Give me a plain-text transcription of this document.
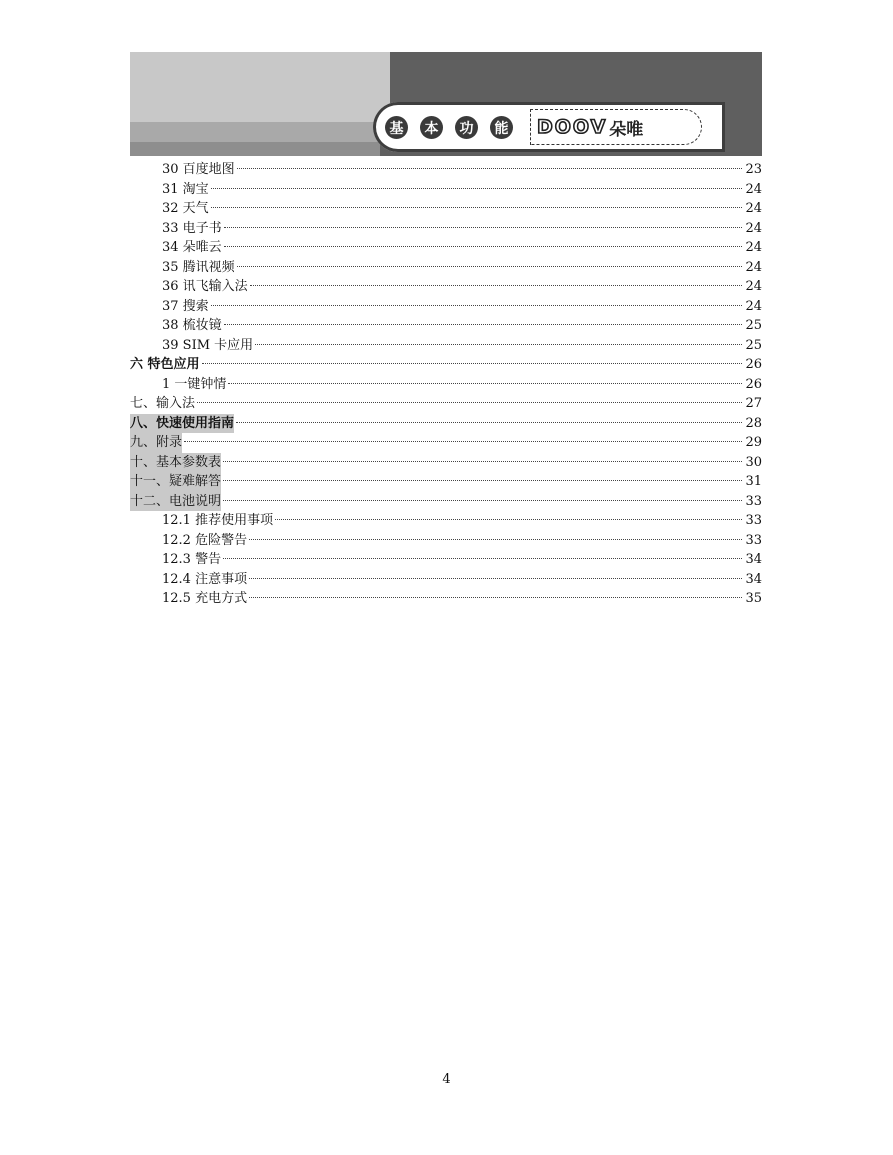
基	本	功	能 DOOV 朵唯
30 百度地图	23
31 淘宝	24
32 天气	24
33 电子书	24
34 朵唯云	24
35 腾讯视频	24
36 讯飞输入法	24
37 搜索	24
38 梳妆镜	25
39 SIM 卡应用	25
六 特色应用	26
1 一键钟情	26
七、输入法	27
八、快速使用指南	28
九、附录	29
十、基本参数表	30
十一、疑难解答	31
十二、电池说明	33
12.1 推荐使用事项	33
12.2 危险警告	33
12.3 警告	34
12.4 注意事项	34
12.5 充电方式	35
4
